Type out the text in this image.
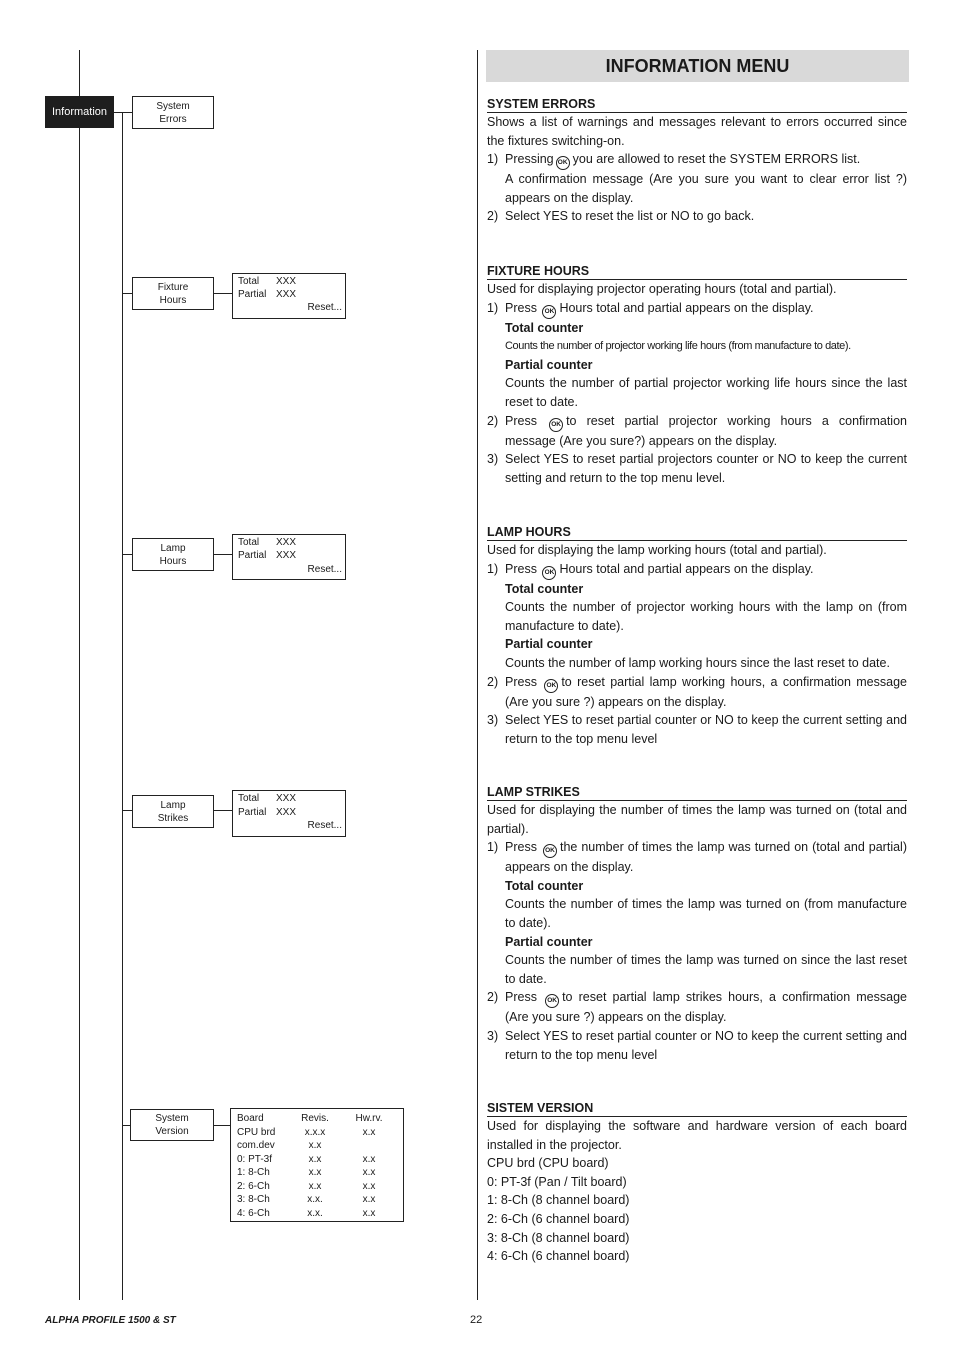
Information	System
Errors
Fixture
Hours
Total XXX
Partial XXX
Reset...
Lamp
Hours
Total XXX
Partial XXX
Reset...
Lamp
Strikes
Total XXX
Partial XXX
Reset...
System
Version
Board
CPU brd
com.dev
0: PT-3f
1: 8-Ch
2: 6-Ch
3: 8-Ch
4: 6-Ch
Revis.
x.x.x
x.x
x.x
x.x
x.x
x.x.
x.x.
Hw.rv.
x.x
x.x
x.x
x.x
x.x
x.x
INFORMATION MENU
SYSTEM ERRORS
Shows a list of warnings and messages relevant to errors occurred since the fixtures switching-on.
1) Pressing OK you are allowed to reset the SYSTEM ERRORS list.
A confirmation message (Are you sure you want to clear error list ?) appears on the display.
2) Select YES to reset the list or NO to go back.
FIXTURE HOURS
Used for displaying projector operating hours (total and partial).
1) Press OK Hours total and partial appears on the display.
Total counter
Counts the number of projector working life hours (from manufacture to date).
Partial counter
Counts the number of partial projector working life hours since the last reset to date.
2) Press OK to reset partial projector working hours a confirmation message (Are you sure?) appears on the display.
3) Select YES to reset partial projectors counter or NO to keep the current setting and return to the top menu level.
LAMP HOURS
Used for displaying the lamp working hours (total and partial).
1) Press OK Hours total and partial appears on the display.
Total counter
Counts the number of projector working hours with the lamp on (from manufacture to date).
Partial counter
Counts the number of lamp working hours since the last reset to date.
2) Press OK to reset partial lamp working hours, a confirmation message (Are you sure ?) appears on the display.
3) Select YES to reset partial counter or NO to keep the current setting and return to the top menu level
LAMP STRIKES
Used for displaying the number of times the lamp was turned on (total and partial).
1) Press OK the number of times the lamp was turned on (total and partial) appears on the display.
Total counter
Counts the number of times the lamp was turned on (from manufacture to date).
Partial counter
Counts the number of times the lamp was turned on since the last reset to date.
2) Press OK to reset partial lamp strikes hours, a confirmation message (Are you sure ?) appears on the display.
3) Select YES to reset partial counter or NO to keep the current setting and return to the top menu level
SISTEM VERSION
Used for displaying the software and hardware version of each board installed in the projector.
CPU brd (CPU board)
0: PT-3f (Pan / Tilt board)
1: 8-Ch (8 channel board)
2: 6-Ch (6 channel board)
3: 8-Ch (8 channel board)
4: 6-Ch (6 channel board)
ALPHA PROFILE 1500 & ST	22
